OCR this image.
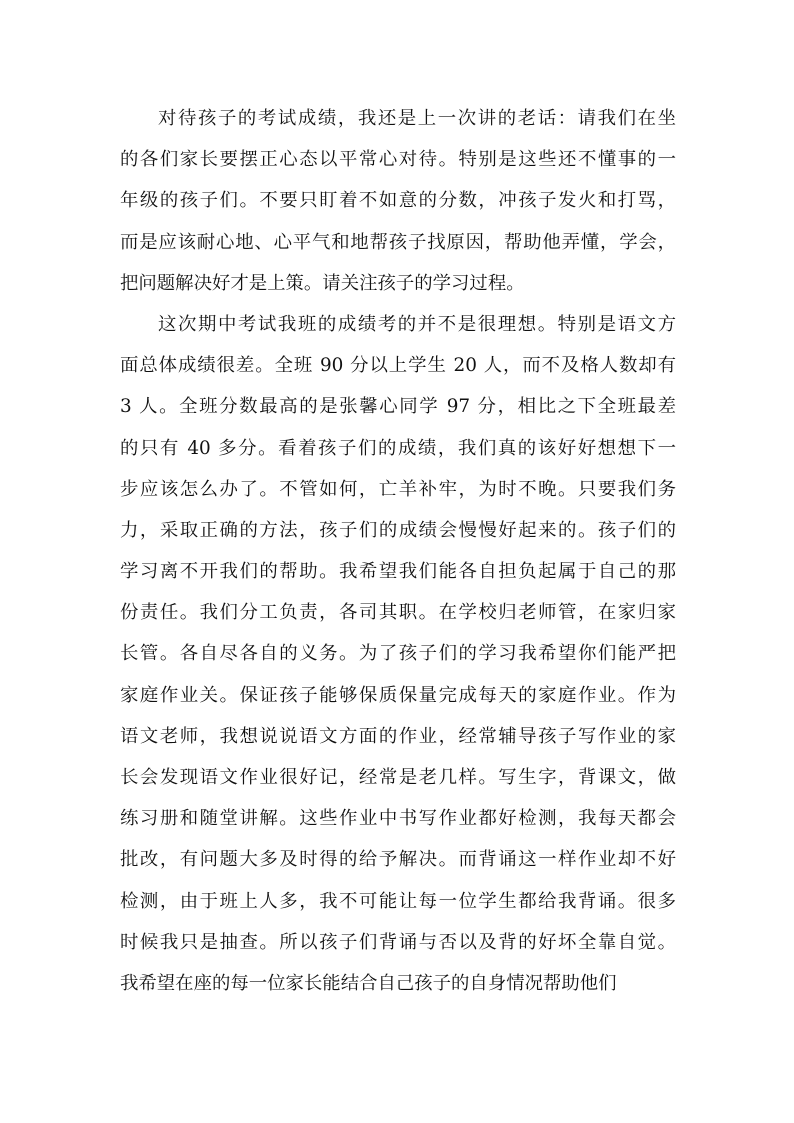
对待孩子的考试成绩，我还是上一次讲的老话：请我们在坐
的各们家长要摆正心态以平常心对待。特别是这些还不懂事的一
年级的孩子们。不要只盯着不如意的分数，冲孩子发火和打骂，
而是应该耐心地、心平气和地帮孩子找原因，帮助他弄懂，学会，
把问题解决好才是上策。请关注孩子的学习过程。
这次期中考试我班的成绩考的并不是很理想。特别是语文方
面总体成绩很差。全班 90 分以上学生 20 人，而不及格人数却有
3 人。全班分数最高的是张馨心同学 97 分，相比之下全班最差
的只有 40 多分。看着孩子们的成绩，我们真的该好好想想下一
步应该怎么办了。不管如何，亡羊补牢，为时不晚。只要我们务
力，采取正确的方法，孩子们的成绩会慢慢好起来的。孩子们的
学习离不开我们的帮助。我希望我们能各自担负起属于自己的那
份责任。我们分工负责，各司其职。在学校归老师管，在家归家
长管。各自尽各自的义务。为了孩子们的学习我希望你们能严把
家庭作业关。保证孩子能够保质保量完成每天的家庭作业。作为
语文老师，我想说说语文方面的作业，经常辅导孩子写作业的家
长会发现语文作业很好记，经常是老几样。写生字，背课文，做
练习册和随堂讲解。这些作业中书写作业都好检测，我每天都会
批改，有问题大多及时得的给予解决。而背诵这一样作业却不好
检测，由于班上人多，我不可能让每一位学生都给我背诵。很多
时候我只是抽查。所以孩子们背诵与否以及背的好坏全靠自觉。
我希望在座的每一位家长能结合自己孩子的自身情况帮助他们
